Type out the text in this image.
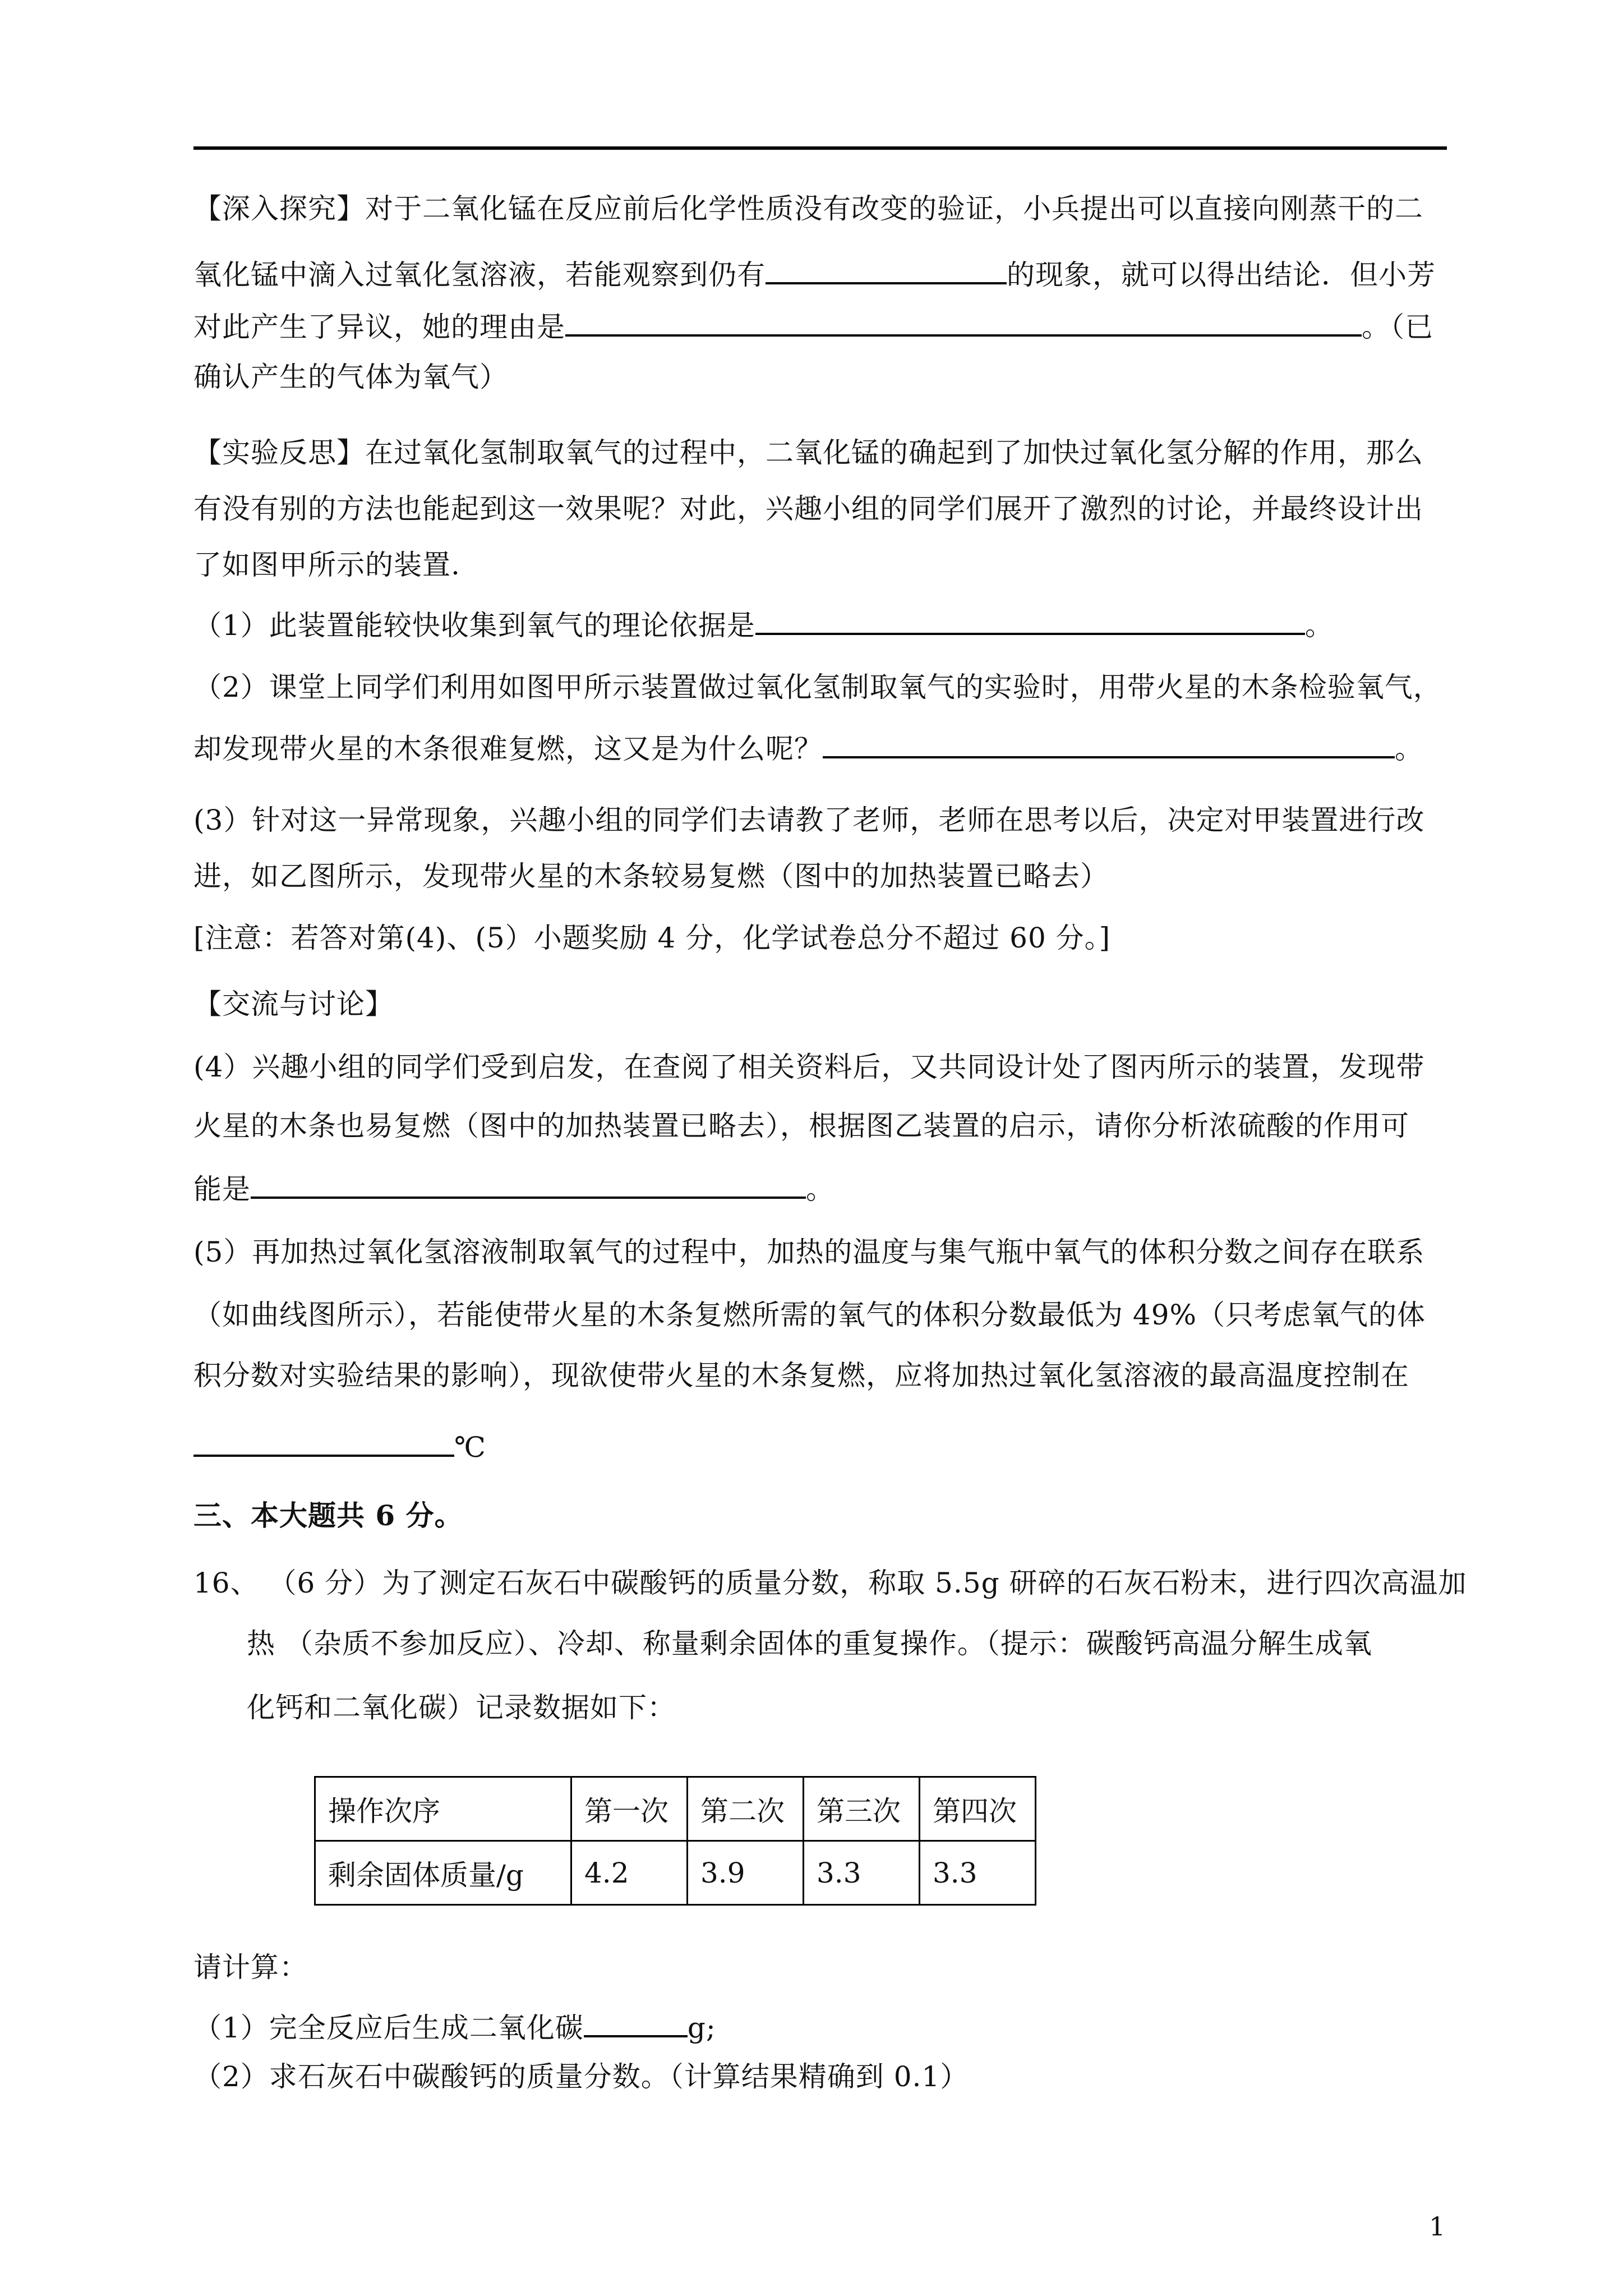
【深入探究】对于二氧化锰在反应前后化学性质没有改变的验证，小兵提出可以直接向刚蒸干的二
氧化锰中滴入过氧化氢溶液，若能观察到仍有	的现象，就可以得出结论．但小芳
对此产生了异议，她的理由是	。（已
确认产生的气体为氧气）
【实验反思】在过氧化氢制取氧气的过程中，二氧化锰的确起到了加快过氧化氢分解的作用，那么
有没有别的方法也能起到这一效果呢？对此，兴趣小组的同学们展开了激烈的讨论，并最终设计出
了如图甲所示的装置.
（1）此装置能较快收集到氧气的理论依据是	。
（2）课堂上同学们利用如图甲所示装置做过氧化氢制取氧气的实验时，用带火星的木条检验氧气，
却发现带火星的木条很难复燃，这又是为什么呢？	。
(3）针对这一异常现象，兴趣小组的同学们去请教了老师，老师在思考以后，决定对甲装置进行改
进，如乙图所示，发现带火星的木条较易复燃（图中的加热装置已略去）
[注意：若答对第(4)、(5）小题奖励 4 分，化学试卷总分不超过 60 分。]
【交流与讨论】
(4）兴趣小组的同学们受到启发，在查阅了相关资料后，又共同设计处了图丙所示的装置，发现带
火星的木条也易复燃（图中的加热装置已略去），根据图乙装置的启示，请你分析浓硫酸的作用可
能是	。
(5）再加热过氧化氢溶液制取氧气的过程中，加热的温度与集气瓶中氧气的体积分数之间存在联系
（如曲线图所示），若能使带火星的木条复燃所需的氧气的体积分数最低为 49%（只考虑氧气的体
积分数对实验结果的影响），现欲使带火星的木条复燃，应将加热过氧化氢溶液的最高温度控制在
℃
三、本大题共 6 分。
16、 （6 分）为了测定石灰石中碳酸钙的质量分数，称取 5.5g 研碎的石灰石粉末，进行四次高温加
热 （杂质不参加反应）、冷却、称量剩余固体的重复操作。（提示：碳酸钙高温分解生成氧
化钙和二氧化碳）记录数据如下：
操作次序	第一次	第二次	第三次	第四次
剩余固体质量/g	4.2	3.9	3.3	3.3
请计算：
（1）完全反应后生成二氧化碳	g;
（2）求石灰石中碳酸钙的质量分数。（计算结果精确到 0.1）
1
